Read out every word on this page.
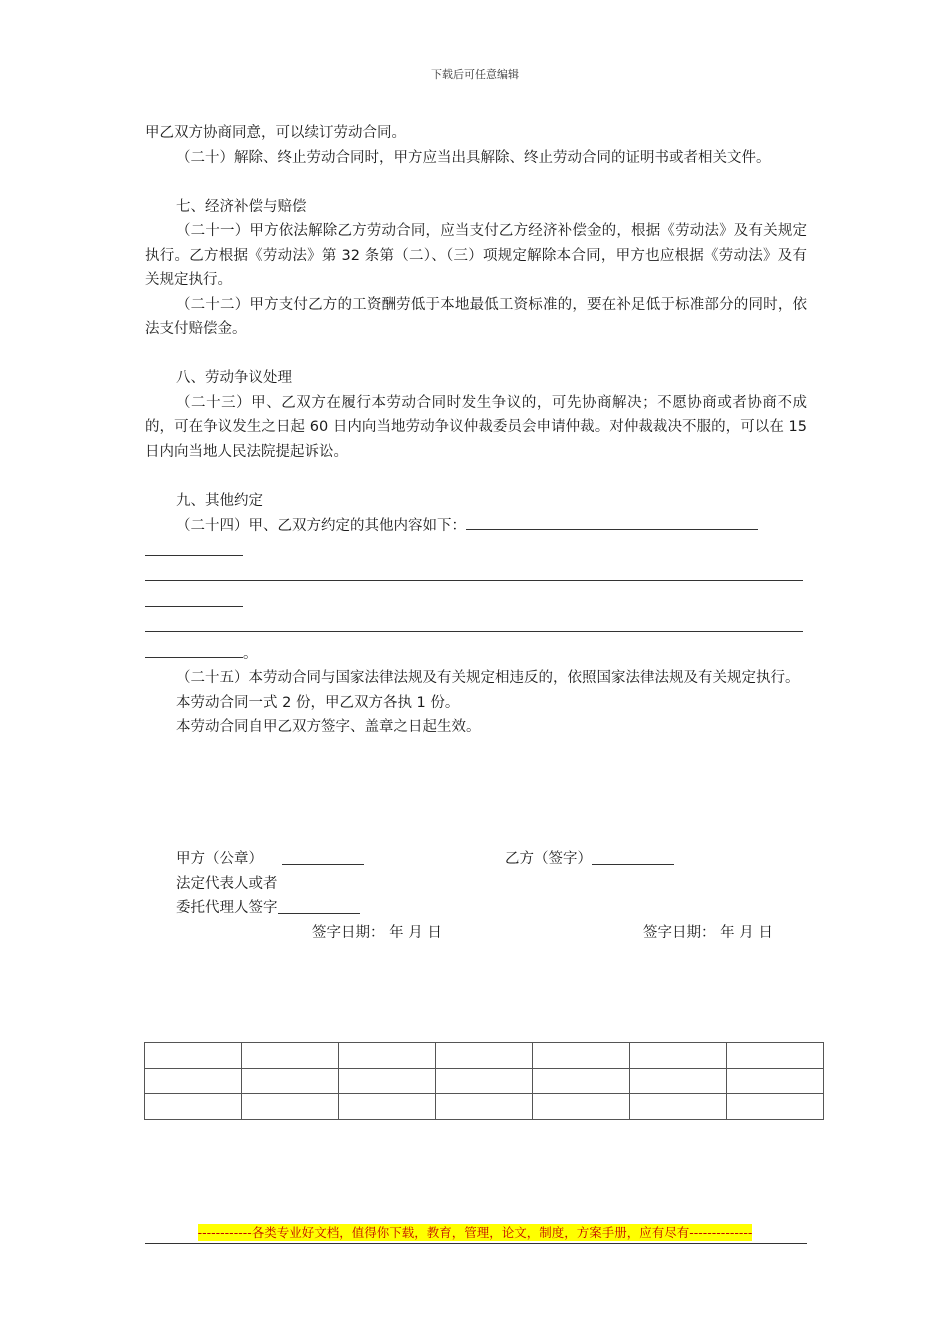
下载后可任意编辑

甲乙双方协商同意，可以续订劳动合同。

（二十）解除、终止劳动合同时，甲方应当出具解除、终止劳动合同的证明书或者相关文件。

七、经济补偿与赔偿

（二十一）甲方依法解除乙方劳动合同，应当支付乙方经济补偿金的，根据《劳动法》及有关规定执行。乙方根据《劳动法》第 32 条第（二）、（三）项规定解除本合同，甲方也应根据《劳动法》及有关规定执行。

（二十二）甲方支付乙方的工资酬劳低于本地最低工资标准的，要在补足低于标准部分的同时，依法支付赔偿金。

八、劳动争议处理

（二十三）甲、乙双方在履行本劳动合同时发生争议的，可先协商解决；不愿协商或者协商不成的，可在争议发生之日起 60 日内向当地劳动争议仲裁委员会申请仲裁。对仲裁裁决不服的，可以在 15 日内向当地人民法院提起诉讼。

九、其他约定

（二十四）甲、乙双方约定的其他内容如下：

。

（二十五）本劳动合同与国家法律法规及有关规定相违反的，依照国家法律法规及有关规定执行。

本劳动合同一式 2 份，甲乙双方各执 1 份。

本劳动合同自甲乙双方签字、盖章之日起生效。

甲方（公章）	乙方（签字）
法定代表人或者
委托代理人签字
签字日期： 年 月 日	签字日期： 年 月 日

------------各类专业好文档，值得你下载，教育，管理，论文，制度，方案手册，应有尽有--------------
